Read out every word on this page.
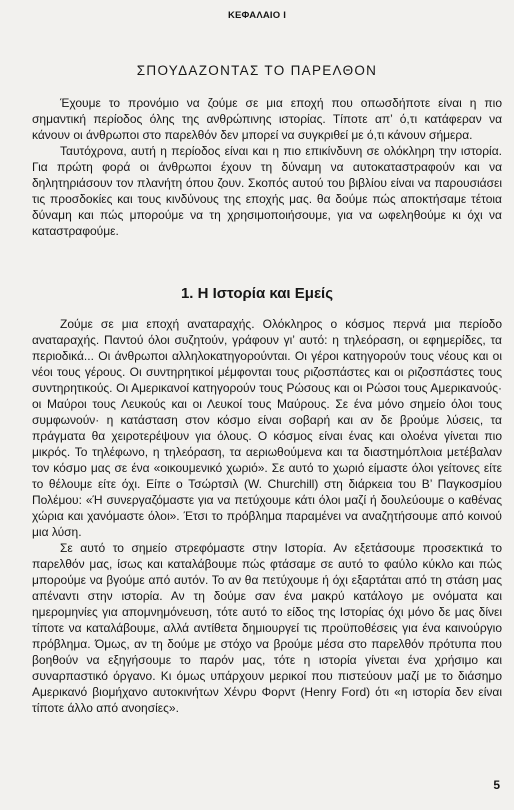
ΚΕΦΑΛΑΙΟ Ι
ΣΠΟΥΔΑΖΟΝΤΑΣ ΤΟ ΠΑΡΕΛΘΟΝ

Έχουμε το προνόμιο να ζούμε σε μια εποχή που οπωσδήποτε είναι η πιο σημαντική περίοδος όλης της ανθρώπινης ιστορίας. Τίποτε απ’ ό,τι κατάφεραν να κάνουν οι άνθρωποι στο παρελθόν δεν μπορεί να συγκριθεί με ό,τι κάνουν σήμερα.

Ταυτόχρονα, αυτή η περίοδος είναι και η πιο επικίνδυνη σε ολόκληρη την ιστορία. Για πρώτη φορά οι άνθρωποι έχουν τη δύναμη να αυτοκαταστραφούν και να δηλητηριάσουν τον πλανήτη όπου ζουν. Σκοπός αυτού του βιβλίου είναι να παρουσιάσει τις προσδοκίες και τους κινδύνους της εποχής μας. θα δούμε πώς αποκτήσαμε τέτοια δύναμη και πώς μπορούμε να τη χρησιμοποιήσουμε, για να ωφεληθούμε κι όχι να καταστραφούμε.

1. Η Ιστορία και Εμείς

Ζούμε σε μια εποχή αναταραχής. Ολόκληρος ο κόσμος περνά μια περίοδο αναταραχής. Παντού όλοι συζητούν, γράφουν γι’ αυτό: η τηλεόραση, οι εφημερίδες, τα περιοδικά... Οι άνθρωποι αλληλοκατηγορούνται. Οι γέροι κατηγορούν τους νέους και οι νέοι τους γέρους. Οι συντηρητικοί μέμφονται τους ριζοσπάστες και οι ριζοσπάστες τους συντηρητικούς. Οι Αμερικανοί κατηγορούν τους Ρώσους και οι Ρώσοι τους Αμερικανούς· οι Μαύροι τους Λευκούς και οι Λευκοί τους Μαύρους. Σε ένα μόνο σημείο όλοι τους συμφωνούν· η κατάσταση στον κόσμο είναι σοβαρή και αν δε βρούμε λύσεις, τα πράγματα θα χειροτερέψουν για όλους. Ο κόσμος είναι ένας και ολοένα γίνεται πιο μικρός. Το τηλέφωνο, η τηλεόραση, τα αεριωθούμενα και τα διαστημόπλοια μετέβαλαν τον κόσμο μας σε ένα «οικουμενικό χωριό». Σε αυτό το χωριό είμαστε όλοι γείτονες είτε το θέλουμε είτε όχι. Είπε ο Τσώρτσιλ (W. Churchill) στη διάρκεια του Β’ Παγκοσμίου Πολέμου: «Ή συνεργαζόμαστε για να πετύχουμε κάτι όλοι μαζί ή δουλεύουμε ο καθένας χώρια και χανόμαστε όλοι». Έτσι το πρόβλημα παραμένει να αναζητήσουμε από κοινού μια λύση.

Σε αυτό το σημείο στρεφόμαστε στην Ιστορία. Αν εξετάσουμε προσεκτικά το παρελθόν μας, ίσως και καταλάβουμε πώς φτάσαμε σε αυτό το φαύλο κύκλο και πώς μπορούμε να βγούμε από αυτόν. Το αν θα πετύχουμε ή όχι εξαρτάται από τη στάση μας απέναντι στην ιστορία. Αν τη δούμε σαν ένα μακρύ κατάλογο με ονόματα και ημερομηνίες για απομνημόνευση, τότε αυτό το είδος της Ιστορίας όχι μόνο δε μας δίνει τίποτε να καταλάβουμε, αλλά αντίθετα δημιουργεί τις προϋποθέσεις για ένα καινούργιο πρόβλημα. Όμως, αν τη δούμε με στόχο να βρούμε μέσα στο παρελθόν πρότυπα που βοηθούν να εξηγήσουμε το παρόν μας, τότε η ιστορία γίνεται ένα χρήσιμο και συναρπαστικό όργανο. Κι όμως υπάρχουν μερικοί που πιστεύουν μαζί με το διάσημο Αμερικανό βιομήχανο αυτοκινήτων Χένρυ Φορντ (Henry Ford) ότι «η ιστορία δεν είναι τίποτε άλλο από ανοησίες».

5
